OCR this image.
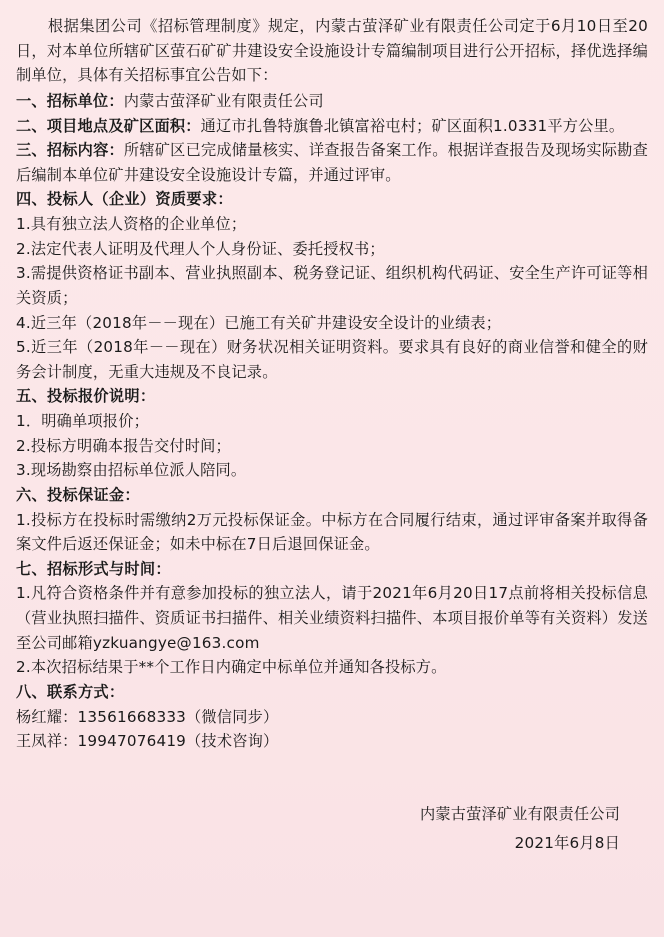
根据集团公司《招标管理制度》规定，内蒙古萤泽矿业有限责任公司定于6月10日至20日，对本单位所辖矿区萤石矿矿井建设安全设施设计专篇编制项目进行公开招标，择优选择编制单位，具体有关招标事宜公告如下：

一、招标单位：内蒙古萤泽矿业有限责任公司

二、项目地点及矿区面积：通辽市扎鲁特旗鲁北镇富裕屯村；矿区面积1.0331平方公里。

三、招标内容：所辖矿区已完成储量核实、详查报告备案工作。根据详查报告及现场实际勘查后编制本单位矿井建设安全设施设计专篇，并通过评审。

四、投标人（企业）资质要求：

1.具有独立法人资格的企业单位；

2.法定代表人证明及代理人个人身份证、委托授权书；

3.需提供资格证书副本、营业执照副本、税务登记证、组织机构代码证、安全生产许可证等相关资质；

4.近三年（2018年－－现在）已施工有关矿井建设安全设计的业绩表；

5.近三年（2018年－－现在）财务状况相关证明资料。要求具有良好的商业信誉和健全的财务会计制度，无重大违规及不良记录。

五、投标报价说明：

1．明确单项报价；

2.投标方明确本报告交付时间；

3.现场勘察由招标单位派人陪同。

六、投标保证金：

1.投标方在投标时需缴纳2万元投标保证金。中标方在合同履行结束，通过评审备案并取得备案文件后返还保证金；如未中标在7日后退回保证金。

七、招标形式与时间：

1.凡符合资格条件并有意参加投标的独立法人，请于2021年6月20日17点前将相关投标信息（营业执照扫描件、资质证书扫描件、相关业绩资料扫描件、本项目报价单等有关资料）发送至公司邮箱yzkuangye@163.com

2.本次招标结果于**个工作日内确定中标单位并通知各投标方。

八、联系方式：

杨红耀：13561668333（微信同步）

王凤祥：19947076419（技术咨询）

内蒙古萤泽矿业有限责任公司
2021年6月8日
